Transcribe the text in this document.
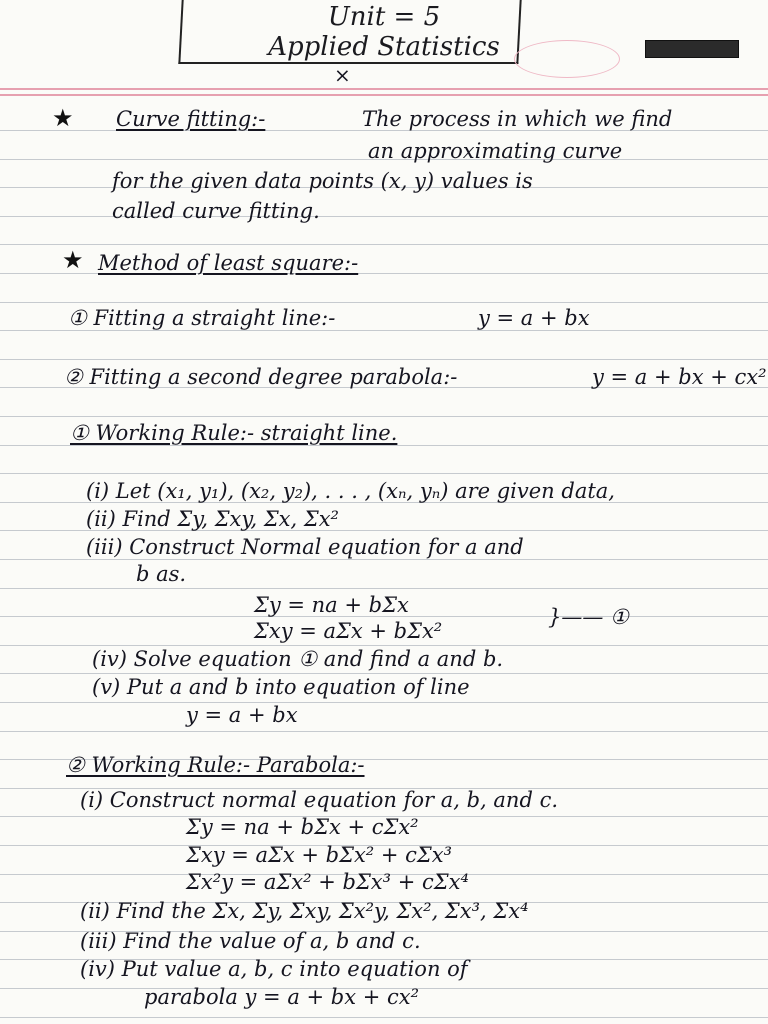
Unit = 5
Applied Statistics
×
★ Curve fitting:-	The process in which we find
an approximating curve
for the given data points (x, y) values is
called curve fitting.
★ Method of least square:-
① Fitting a straight line:-	y = a + bx
② Fitting a second degree parabola:-	y = a + bx + cx²
① Working Rule:- straight line.
(i) Let (x₁, y₁), (x₂, y₂), . . . , (xₙ, yₙ) are given data,
(ii) Find Σy, Σxy, Σx, Σx²
(iii) Construct Normal equation for a and
b as.
Σy = na + bΣx
Σxy = aΣx + bΣx²
}—— ①
(iv) Solve equation ① and find a and b.
(v) Put a and b into equation of line
y = a + bx
② Working Rule:- Parabola:-
(i) Construct normal equation for a, b, and c.
Σy = na + bΣx + cΣx²
Σxy = aΣx + bΣx² + cΣx³
Σx²y = aΣx² + bΣx³ + cΣx⁴
(ii) Find the Σx, Σy, Σxy, Σx²y, Σx², Σx³, Σx⁴
(iii) Find the value of a, b and c.
(iv) Put value a, b, c into equation of
parabola y = a + bx + cx²
